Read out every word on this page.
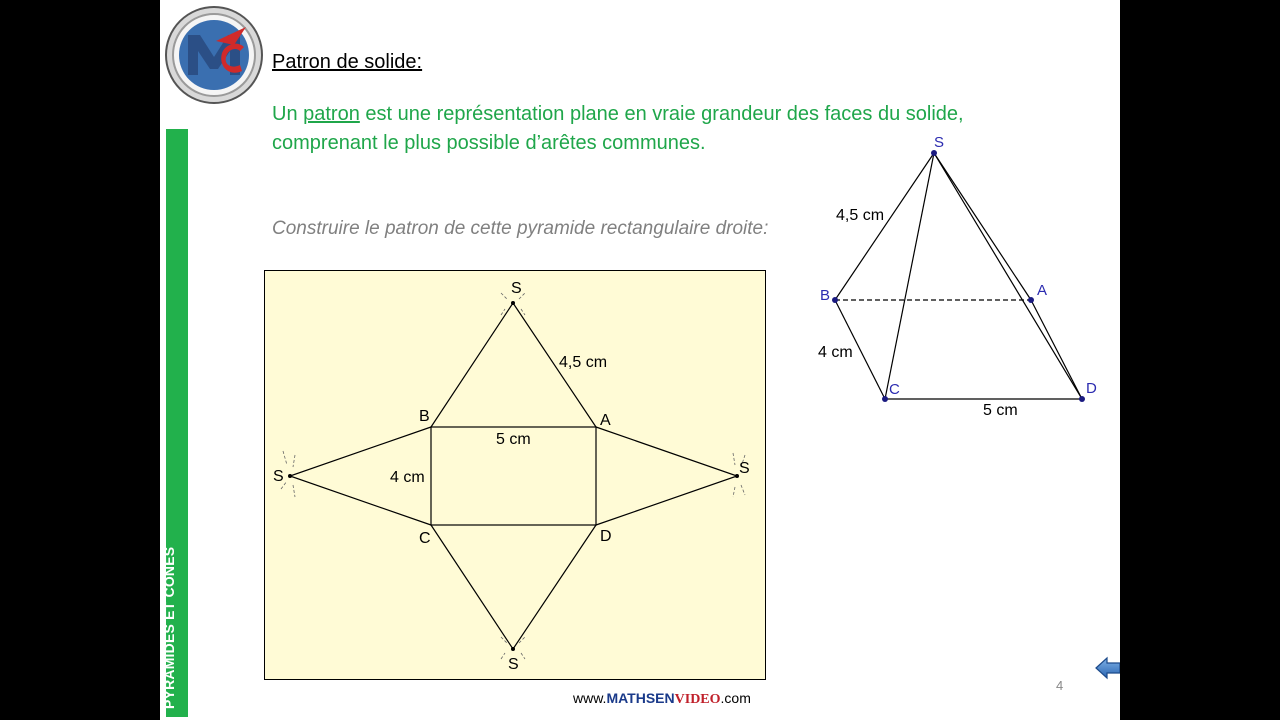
PYRAMIDES ET CÔNES
Patron de solide:
Un patron est une représentation plane en vraie grandeur des faces du solide, comprenant le plus possible d’arêtes communes.
Construire le patron de cette pyramide rectangulaire droite:
S
S
S	S
B	A
C	D
4,5 cm
5 cm
4 cm
S
B	A
C	D
4,5 cm
4 cm
5 cm
www.MATHSENVIDEO.com
4
